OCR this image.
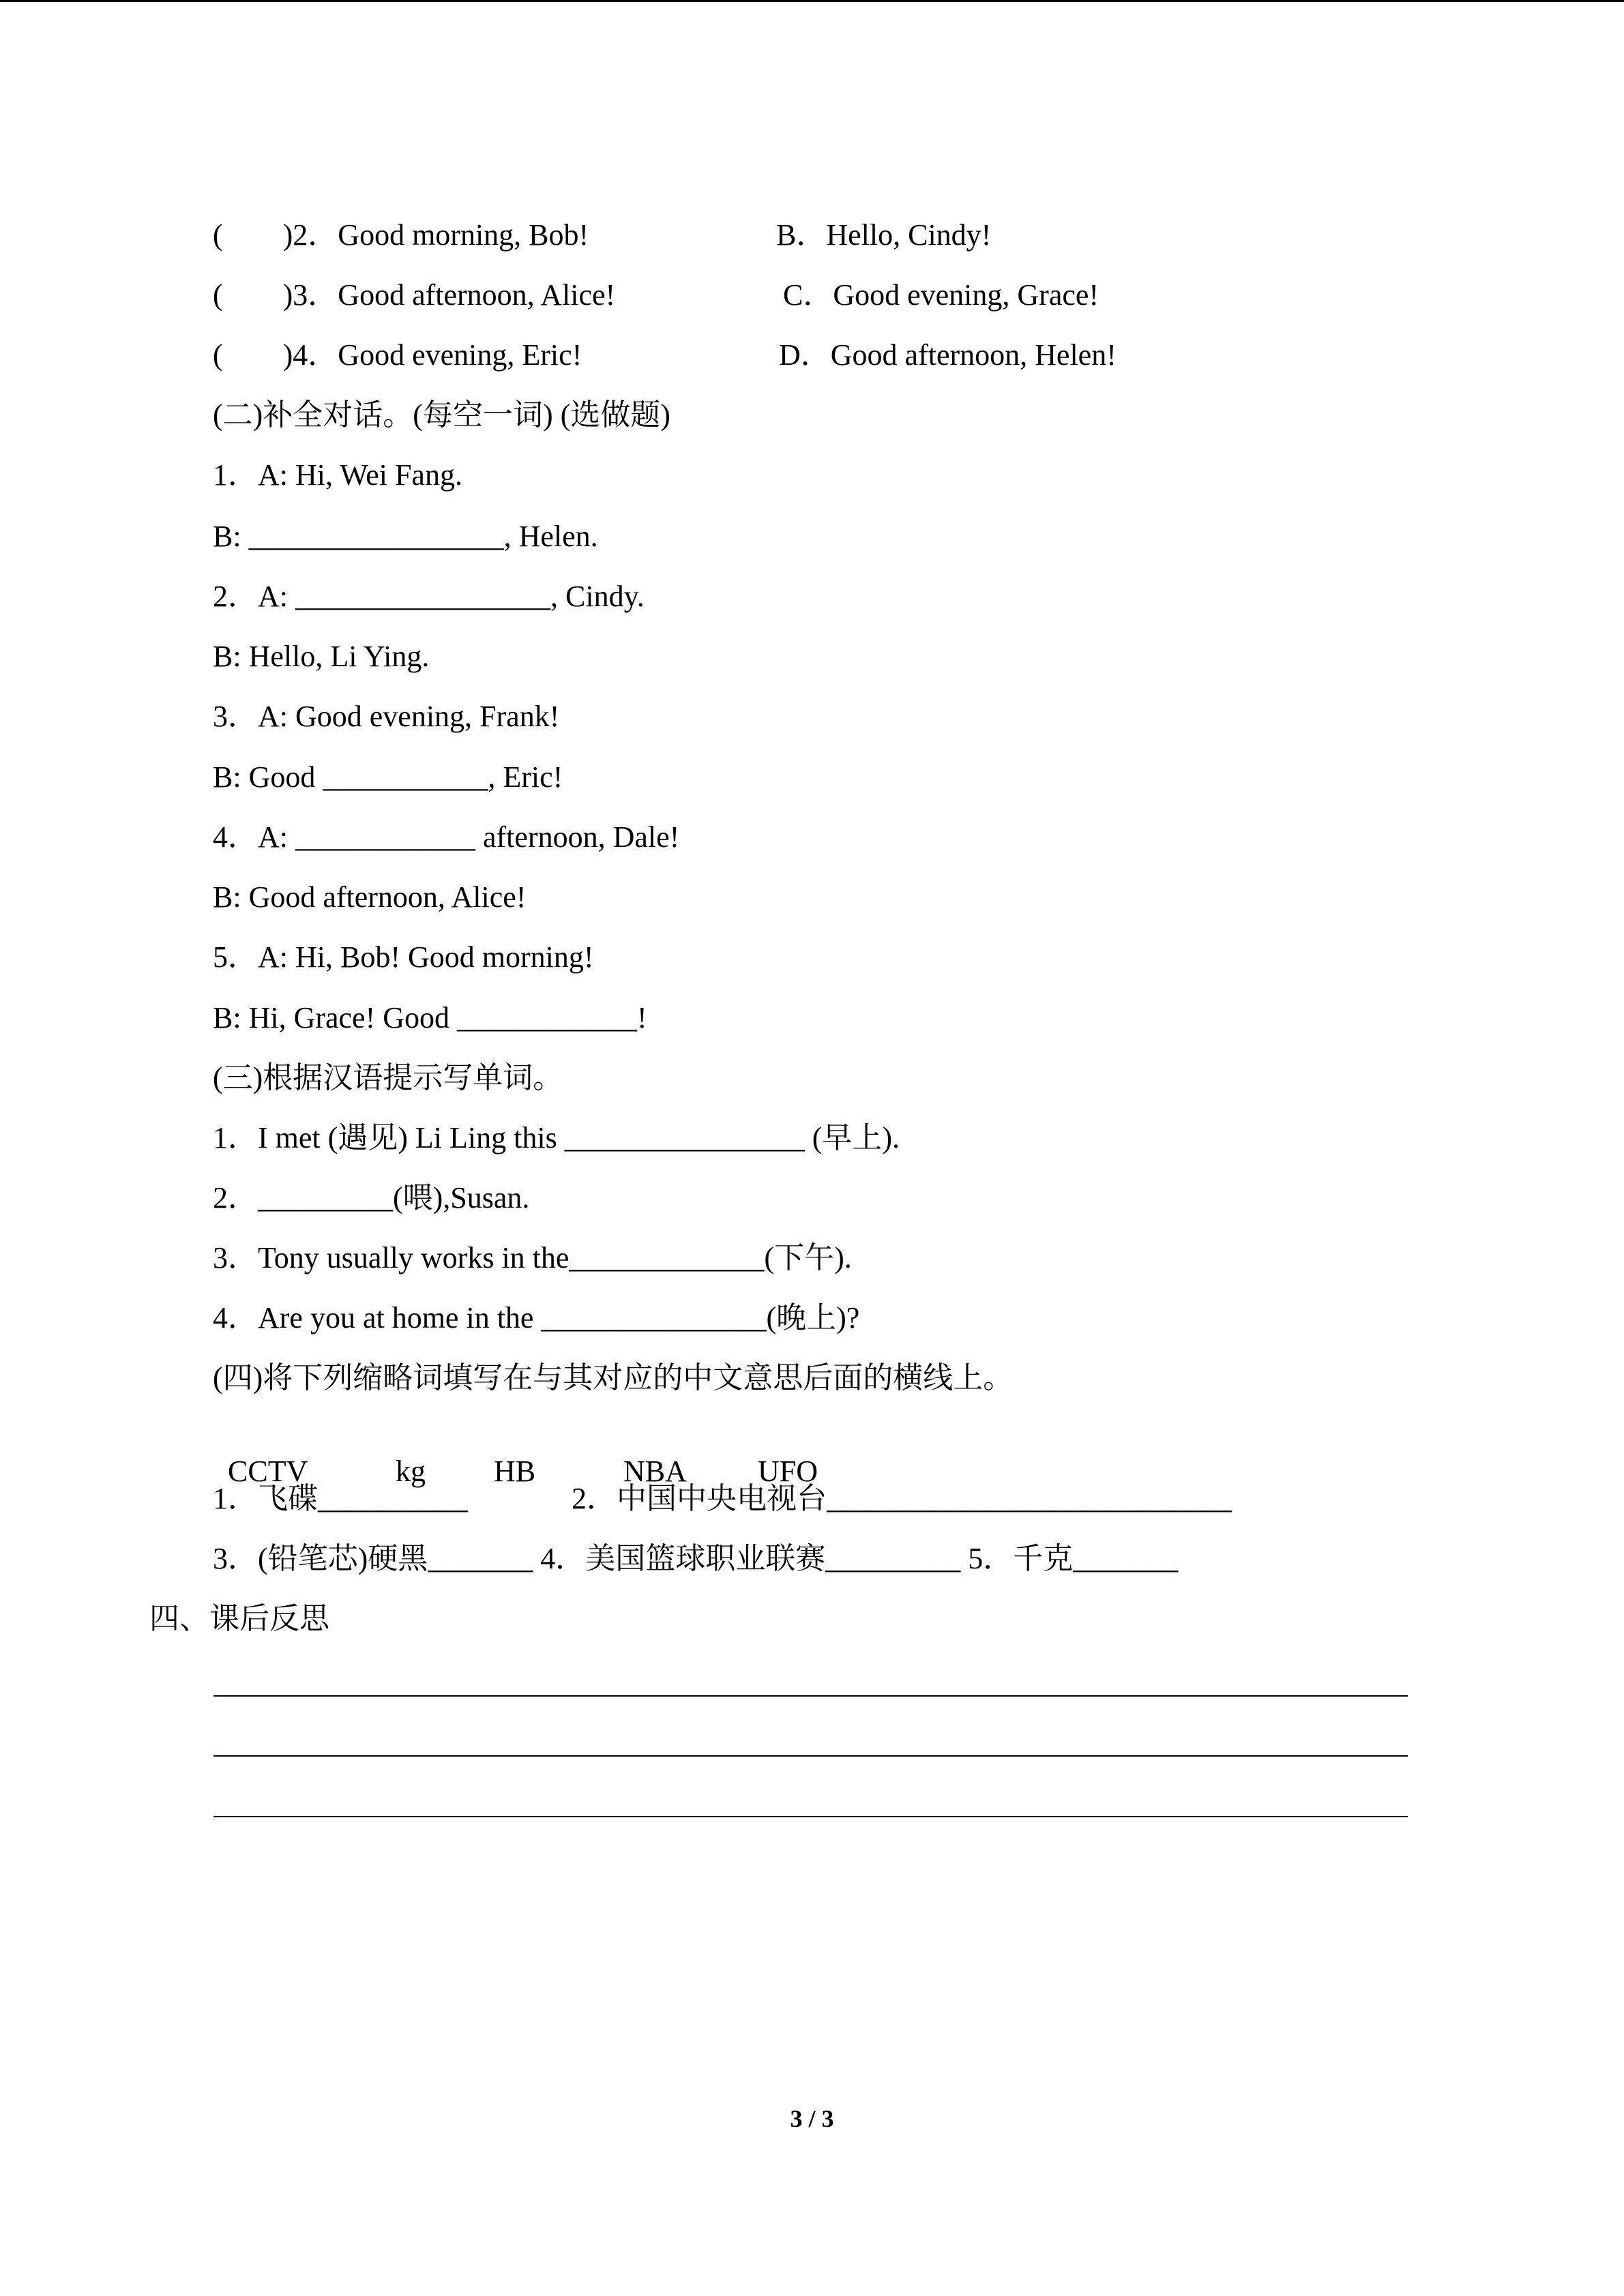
(        )2．Good morning, Bob!	B．Hello, Cindy!
(        )3．Good afternoon, Alice!	C．Good evening, Grace!
(        )4．Good evening, Eric!	D．Good afternoon, Helen!
(二)补全对话。(每空一词) (选做题)
1．A: Hi, Wei Fang.
B: _________________, Helen.
2．A: _________________, Cindy.
B: Hello, Li Ying.
3．A: Good evening, Frank!
B: Good ___________, Eric!
4．A: ____________ afternoon, Dale!
B: Good afternoon, Alice!
5．A: Hi, Bob! Good morning!
B: Hi, Grace! Good ____________!
(三)根据汉语提示写单词。
1．I met (遇见) Li Ling this ________________ (早上).
2．_________(喂),Susan.
3．Tony usually works in the_____________(下午).
4．Are you at home in the _______________(晚上)?
(四)将下列缩略词填写在与其对应的中文意思后面的横线上。

CCTV	kg HB	NBA UFO

1．飞碟__________	2．中国中央电视台___________________________
3．(铅笔芯)硬黑_______ 4．美国篮球职业联赛_________ 5．千克_______
四、课后反思
3 / 3
